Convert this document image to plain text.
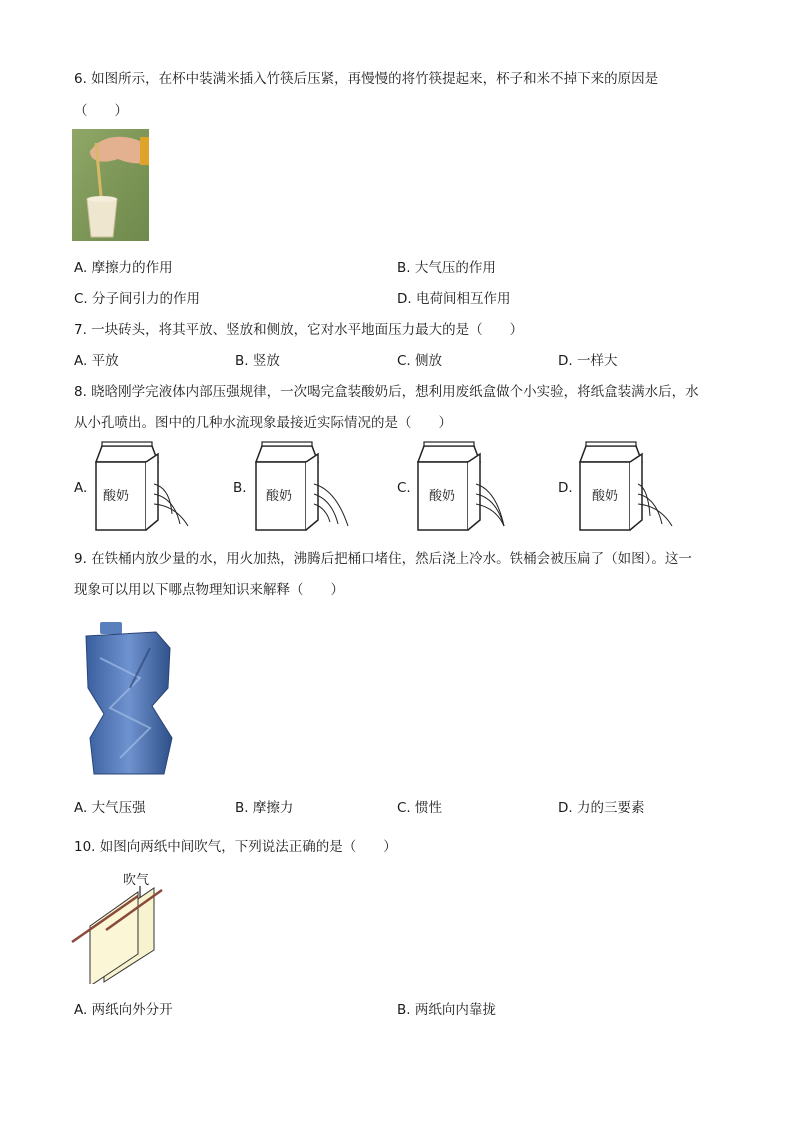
6. 如图所示，在杯中装满米插入竹筷后压紧，再慢慢的将竹筷提起来，杯子和米不掉下来的原因是
（　　）
A. 摩擦力的作用	B. 大气压的作用
C. 分子间引力的作用	D. 电荷间相互作用
7. 一块砖头，将其平放、竖放和侧放，它对水平地面压力最大的是（　　）
A. 平放	B. 竖放	C. 侧放	D. 一样大
8. 晓晗刚学完液体内部压强规律，一次喝完盒装酸奶后，想利用废纸盒做个小实验，将纸盒装满水后，水
从小孔喷出。图中的几种水流现象最接近实际情况的是（　　）
A.
酸奶
B.
酸奶
C.
酸奶
D.
酸奶
9. 在铁桶内放少量的水，用火加热，沸腾后把桶口堵住，然后浇上冷水。铁桶会被压扁了（如图）。这一
现象可以用以下哪点物理知识来解释（　　）
A. 大气压强	B. 摩擦力	C. 惯性	D. 力的三要素
10. 如图向两纸中间吹气，下列说法正确的是（　　）
吹气
A. 两纸向外分开	B. 两纸向内靠拢
